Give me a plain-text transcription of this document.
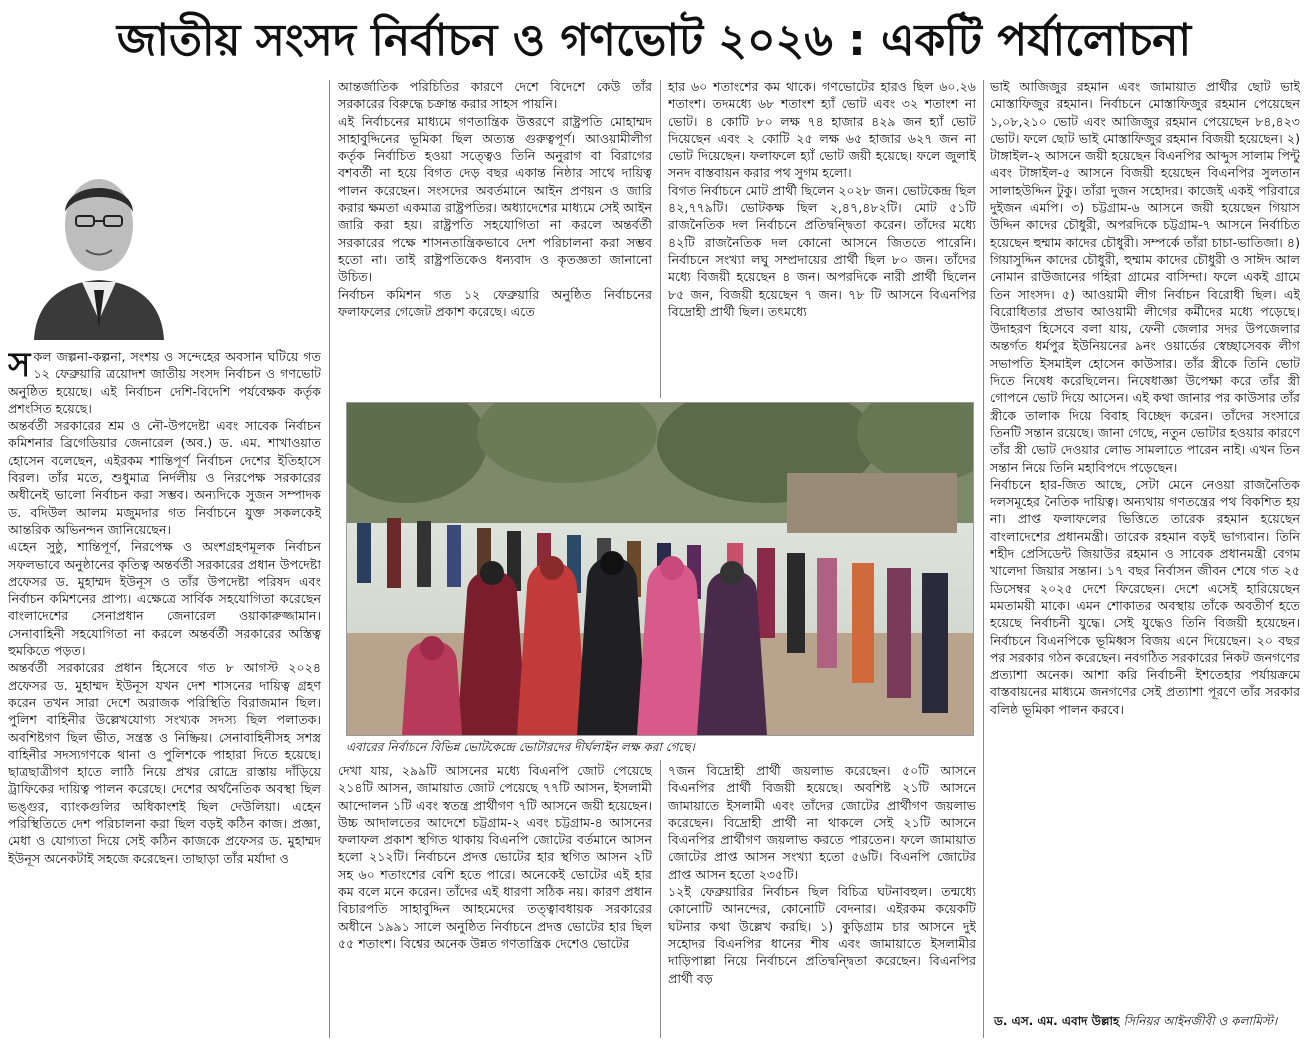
জাতীয় সংসদ নির্বাচন ও গণভোট ২০২৬ : একটি পর্যালোচনা
স কল জল্পনা-কল্পনা, সংশয় ও সন্দেহের অবসান ঘটিয়ে গত ১২ ফেব্রুয়ারি ত্রয়োদশ জাতীয় সংসদ নির্বাচন ও গণভোট অনুষ্ঠিত হয়েছে। এই নির্বাচন দেশি-বিদেশি পর্যবেক্ষক কর্তৃক প্রশংসিত হয়েছে।

অন্তর্বর্তী সরকারের শ্রম ও নৌ-উপদেষ্টা এবং সাবেক নির্বাচন কমিশনার ব্রিগেডিয়ার জেনারেল (অব.) ড. এম. শাখাওয়াত হোসেন বলেছেন, এইরকম শান্তিপূর্ণ নির্বাচন দেশের ইতিহাসে বিরল। তাঁর মতে, শুধুমাত্র নির্দলীয় ও নিরপেক্ষ সরকারের অধীনেই ভালো নির্বাচন করা সম্ভব। অন্যদিকে সুজন সম্পাদক ড. বদিউল আলম মজুমদার গত নির্বাচনে যুক্ত সকলকেই আন্তরিক অভিনন্দন জানিয়েছেন।

এহেন সুষ্ঠু, শান্তিপূর্ণ, নিরপেক্ষ ও অংশগ্রহণমূলক নির্বাচন সফলভাবে অনুষ্ঠানের কৃতিত্ব অন্তর্বর্তী সরকারের প্রধান উপদেষ্টা প্রফেসর ড. মুহাম্মদ ইউনূস ও তাঁর উপদেষ্টা পরিষদ এবং নির্বাচন কমিশনের প্রাপ্য। এক্ষেত্রে সার্বিক সহযোগিতা করেছেন বাংলাদেশের সেনাপ্রধান জেনারেল ওয়াকারুজ্জামান। সেনাবাহিনী সহযোগিতা না করলে অন্তর্বর্তী সরকারের অস্তিত্ব হুমকিতে পড়ত।

অন্তর্বর্তী সরকারের প্রধান হিসেবে গত ৮ আগস্ট ২০২৪ প্রফেসর ড. মুহাম্মদ ইউনূস যখন দেশ শাসনের দায়িত্ব গ্রহণ করেন তখন সারা দেশে অরাজক পরিস্থিতি বিরাজমান ছিল। পুলিশ বাহিনীর উল্লেখযোগ্য সংখ্যক সদস্য ছিল পলাতক। অবশিষ্টগণ ছিল ভীত, সন্ত্রস্ত ও নিষ্ক্রিয়। সেনাবাহিনীসহ সশস্ত্র বাহিনীর সদস্যগণকে থানা ও পুলিশকে পাহারা দিতে হয়েছে। ছাত্রছাত্রীগণ হাতে লাঠি নিয়ে প্রখর রোদ্রে রাস্তায় দাঁড়িয়ে ট্রাফিকের দায়িত্ব পালন করেছে। দেশের অর্থনৈতিক অবস্থা ছিল ভঙ্গুর, ব্যাংকগুলির অধিকাংশই ছিল দেউলিয়া। এহেন পরিস্থিতিতে দেশ পরিচালনা করা ছিল বড়ই কঠিন কাজ। প্রজ্ঞা, মেধা ও যোগ্যতা দিয়ে সেই কঠিন কাজকে প্রফেসর ড. মুহাম্মদ ইউনূস অনেকটাই সহজে করেছেন। তাছাড়া তাঁর মর্যাদা ও

আন্তর্জাতিক পরিচিতির কারণে দেশে বিদেশে কেউ তাঁর সরকারের বিরুদ্ধে চক্রান্ত করার সাহস পায়নি।

এই নির্বাচনের মাধ্যমে গণতান্ত্রিক উত্তরণে রাষ্ট্রপতি মোহাম্মদ সাহাবুদ্দিনের ভূমিকা ছিল অত্যন্ত গুরুত্বপূর্ণ। আওয়ামীলীগ কর্তৃক নির্বাচিত হওয়া সত্ত্বেও তিনি অনুরাগ বা বিরাগের বশবর্তী না হয়ে বিগত দেড় বছর একান্ত নিষ্ঠার সাথে দায়িত্ব পালন করেছেন। সংসদের অবর্তমানে আইন প্রণয়ন ও জারি করার ক্ষমতা একমাত্র রাষ্ট্রপতির। অধ্যাদেশের মাধ্যমে সেই আইন জারি করা হয়। রাষ্ট্রপতি সহযোগিতা না করলে অন্তর্বর্তী সরকারের পক্ষে শাসনতান্ত্রিকভাবে দেশ পরিচালনা করা সম্ভব হতো না। তাই রাষ্ট্রপতিকেও ধন্যবাদ ও কৃতজ্ঞতা জানানো উচিত।

নির্বাচন কমিশন গত ১২ ফেব্রুয়ারি অনুষ্ঠিত নির্বাচনের ফলাফলের গেজেট প্রকাশ করেছে। এতে

হার ৬০ শতাংশের কম থাকে। গণভোটের হারও ছিল ৬০.২৬ শতাংশ। তদমধ্যে ৬৮ শতাংশ হ্যাঁ ভোট এবং ৩২ শতাংশ না ভোট। ৪ কোটি ৮০ লক্ষ ৭৪ হাজার ৪২৯ জন হ্যাঁ ভোট দিয়েছেন এবং ২ কোটি ২৫ লক্ষ ৬৫ হাজার ৬২৭ জন না ভোট দিয়েছেন। ফলাফলে হ্যাঁ ভোট জয়ী হয়েছে। ফলে জুলাই সনদ বাস্তবায়ন করার পথ সুগম হলো।

বিগত নির্বাচনে মোট প্রার্থী ছিলেন ২০২৮ জন। ভোটকেন্দ্র ছিল ৪২,৭৭৯টি। ভোটকক্ষ ছিল ২,৪৭,৪৮২টি। মোট ৫১টি রাজনৈতিক দল নির্বাচনে প্রতিদ্বন্দ্বিতা করেন। তাঁদের মধ্যে ৪২টি রাজনৈতিক দল কোনো আসনে জিততে পারেনি। নির্বাচনে সংখ্যা লঘু সম্প্রদায়ের প্রার্থী ছিল ৮০ জন। তাঁদের মধ্যে বিজয়ী হয়েছেন ৪ জন। অপরদিকে নারী প্রার্থী ছিলেন ৮৫ জন, বিজয়ী হয়েছেন ৭ জন। ৭৮ টি আসনে বিএনপির বিদ্রোহী প্রার্থী ছিল। তৎমধ্যে

এবারের নির্বাচনে বিভিন্ন ভোটকেন্দ্রে ভোটারদের দীর্ঘলাইন লক্ষ করা গেছে।

দেখা যায়, ২৯৯টি আসনের মধ্যে বিএনপি জোট পেয়েছে ২১৪টি আসন, জামায়াত জোট পেয়েছে ৭৭টি আসন, ইসলামী আন্দোলন ১টি এবং স্বতন্ত্র প্রার্থীগণ ৭টি আসনে জয়ী হয়েছেন। উচ্চ আদালতের আদেশে চট্টগ্রাম-২ এবং চট্টগ্রাম-৪ আসনের ফলাফল প্রকাশ স্থগিত থাকায় বিএনপি জোটের বর্তমানে আসন হলো ২১২টি। নির্বাচনে প্রদত্ত ভোটের হার স্থগিত আসন ২টি সহ ৬০ শতাংশের বেশি হতে পারে। অনেকেই ভোটের এই হার কম বলে মনে করেন। তাঁদের এই ধারণা সঠিক নয়। কারণ প্রধান বিচারপতি সাহাবুদ্দিন আহমেদের তত্ত্বাবধায়ক সরকারের অধীনে ১৯৯১ সালে অনুষ্ঠিত নির্বাচনে প্রদত্ত ভোটের হার ছিল ৫৫ শতাংশ। বিশ্বের অনেক উন্নত গণতান্ত্রিক দেশেও ভোটের

৭জন বিদ্রোহী প্রার্থী জয়লাভ করেছেন। ৫০টি আসনে বিএনপির প্রার্থী বিজয়ী হয়েছে। অবশিষ্ট ২১টি আসনে জামায়াতে ইসলামী এবং তাঁদের জোটের প্রার্থীগণ জয়লাভ করেছেন। বিদ্রোহী প্রার্থী না থাকলে সেই ২১টি আসনে বিএনপির প্রার্থীগণ জয়লাভ করতে পারতেন। ফলে জামায়াত জোটের প্রাপ্ত আসন সংখ্যা হতো ৫৬টি। বিএনপি জোটের প্রাপ্ত আসন হতো ২৩৫টি।

১২ই ফেব্রুয়ারির নির্বাচন ছিল বিচিত্র ঘটনাবহুল। তন্মধ্যে কোনোটি আনন্দের, কোনোটি বেদনার। এইরকম কয়েকটি ঘটনার কথা উল্লেখ করছি। ১) কুড়িগ্রাম চার আসনে দুই সহোদর বিএনপির ধানের শীষ এবং জামায়াতে ইসলামীর দাড়িপাল্লা নিয়ে নির্বাচনে প্রতিদ্বন্দ্বিতা করেছেন। বিএনপির প্রার্থী বড়

ভাই আজিজুর রহমান এবং জামায়াত প্রার্থীর ছোট ভাই মোস্তাফিজুর রহমান। নির্বাচনে মোস্তাফিজুর রহমান পেয়েছেন ১,০৮,২১০ ভোট এবং আজিজুর রহমান পেয়েছেন ৮৪,৪২৩ ভোট। ফলে ছোট ভাই মোস্তাফিজুর রহমান বিজয়ী হয়েছেন। ২) টাঙ্গাইল-২ আসনে জয়ী হয়েছেন বিএনপির আব্দুস সালাম পিন্টু এবং টাঙ্গাইল-৫ আসনে বিজয়ী হয়েছেন বিএনপির সুলতান সালাহউদ্দিন টুকু। তাঁরা দুজন সহোদর। কাজেই একই পরিবারে দুইজন এমপি। ৩) চট্টগ্রাম-৬ আসনে জয়ী হয়েছেন গিয়াস উদ্দিন কাদের চৌধুরী, অপরদিকে চট্টগ্রাম-৭ আসনে নির্বাচিত হয়েছেন হুম্মাম কাদের চৌধুরী। সম্পর্কে তাঁরা চাচা-ভাতিজা। ৪) গিয়াসুদ্দিন কাদের চৌধুরী, হুম্মাম কাদের চৌধুরী ও সাঈদ আল নোমান রাউজানের গহিরা গ্রামের বাসিন্দা। ফলে একই গ্রামে তিন সাংসদ। ৫) আওয়ামী লীগ নির্বাচন বিরোধী ছিল। এই বিরোধিতার প্রভাব আওয়ামী লীগের কর্মীদের মধ্যে পড়েছে। উদাহরণ হিসেবে বলা যায়, ফেনী জেলার সদর উপজেলার অন্তর্গত ধর্মপুর ইউনিয়নের ৯নং ওয়ার্ডের স্বেচ্ছাসেবক লীগ সভাপতি ইসমাইল হোসেন কাউসার। তাঁর স্ত্রীকে তিনি ভোট দিতে নিষেধ করেছিলেন। নিষেধাজ্ঞা উপেক্ষা করে তাঁর স্ত্রী গোপনে ভোট দিয়ে আসেন। এই কথা জানার পর কাউসার তাঁর স্ত্রীকে তালাক দিয়ে বিবাহ বিচ্ছেদ করেন। তাঁদের সংসারে তিনটি সন্তান রয়েছে। জানা গেছে, নতুন ভোটার হওয়ার কারণে তাঁর স্ত্রী ভোট দেওয়ার লোভ সামলাতে পারেন নাই। এখন তিন সন্তান নিয়ে তিনি মহাবিপদে পড়েছেন।

নির্বাচনে হার-জিত আছে, সেটা মেনে নেওয়া রাজনৈতিক দলসমূহের নৈতিক দায়িত্ব। অন্যথায় গণতন্ত্রের পথ বিকশিত হয় না। প্রাপ্ত ফলাফলের ভিত্তিতে তারেক রহমান হয়েছেন বাংলাদেশের প্রধানমন্ত্রী। তারেক রহমান বড়ই ভাগ্যবান। তিনি শহীদ প্রেসিডেন্ট জিয়াউর রহমান ও সাবেক প্রধানমন্ত্রী বেগম খালেদা জিয়ার সন্তান। ১৭ বছর নির্বাসন জীবন শেষে গত ২৫ ডিসেম্বর ২০২৫ দেশে ফিরেছেন। দেশে এসেই হারিয়েছেন মমতাময়ী মাকে। এমন শোকাতর অবস্থায় তাঁকে অবতীর্ণ হতে হয়েছে নির্বাচনী যুদ্ধে। সেই যুদ্ধেও তিনি বিজয়ী হয়েছেন। নির্বাচনে বিএনপিকে ভূমিধ্বস বিজয় এনে দিয়েছেন। ২০ বছর পর সরকার গঠন করেছেন। নবগঠিত সরকারের নিকট জনগণের প্রত্যাশা অনেক। আশা করি নির্বাচনী ইশতেহার পর্যায়ক্রমে বাস্তবায়নের মাধ্যমে জনগণের সেই প্রত্যাশা পূরণে তাঁর সরকার বলিষ্ঠ ভূমিকা পালন করবে।

ড. এস. এম. এবাদ উল্লাহ সিনিয়র আইনজীবী ও কলামিস্ট।
